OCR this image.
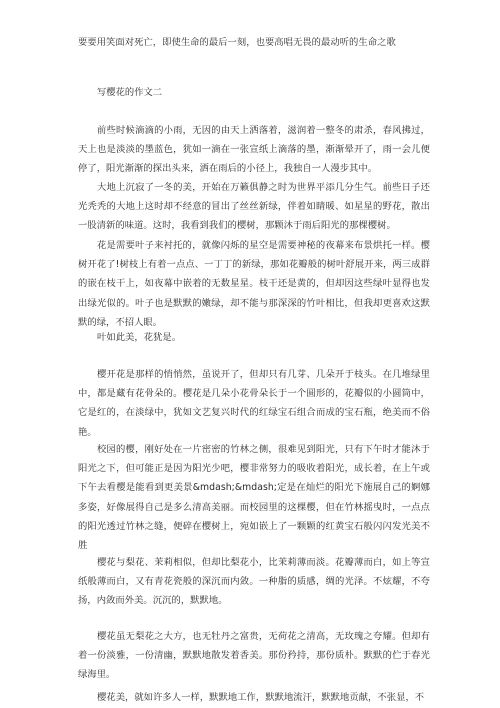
要要用笑面对死亡，即使生命的最后一刻，也要高唱无畏的最动听的生命之歌

写樱花的作文二

前些时候滴滴的小雨，无因的由天上洒落着，滋润着一整冬的肃杀，春风拂过，天上也是淡淡的墨蓝色，犹如一滴在一张宣纸上滴落的墨，渐渐晕开了，雨一会儿便停了，阳光渐渐的探出头来，洒在雨后的小径上，我独自一人漫步其中。

大地上沉寂了一冬的美，开始在万籁俱静之时为世界平添几分生气。前些日子还光秃秃的大地上这时却不经意的冒出了丝丝新绿，伴着如睛暖、如星星的野花，散出一股清新的味道。这时，我看到我们的樱树，那颗沐于雨后阳光的那棵樱树。

花是需要叶子来衬托的，就像闪烁的星空是需要神秘的夜幕来布景烘托一样。樱树开花了!树枝上有着一点点、一丁丁的新绿，那如花瓣般的树叶舒展开来，两三成群的嵌在枝干上，如夜幕中嵌着的无数星星。枝干还是黄的，但却因这些绿叶显得也发出绿光似的。叶子也是默默的嫩绿，却不能与那深深的竹叶相比，但我却更喜欢这默默的绿，不招人眼。

叶如此美，花犹是。

樱开花是那样的悄悄然，虽说开了，但却只有几芽、几朵开于枝头。在几堆绿里中，都是藏有花骨朵的。樱花是几朵小花骨朵长于一个圆形的，花瓣似的小圆筒中，它是红的，在淡绿中，犹如文艺复兴时代的红绿宝石组合而成的宝石瓶，绝美而不俗艳。

校园的樱，刚好处在一片密密的竹林之侧，很难见到阳光，只有下午时才能沐于阳光之下，但可能正是因为阳光少吧，樱非常努力的吸收着阳光，成长着，在上午或下午去看樱是能看到更美景&mdash;&mdash;定是在灿烂的阳光下施展自己的婀娜多姿，好像展得自己是多么清高美丽。而校园里的这棵樱，但在竹林摇曳时，一点点的阳光透过竹林之缝，便碎在樱树上，宛如嵌上了一颗颗的红黄宝石般闪闪发光美不胜

樱花与梨花、茉莉相似，但却比梨花小，比茉莉薄而淡。花瓣薄而白，如上等宣纸般薄而白，又有青花瓷般的深沉而内敛。一种脂的质感，绸的光泽。不炫耀，不夸扬，内敛而外美。沉沉的，默默地。

樱花虽无梨花之大方，也无牡丹之富贵，无荷花之清高，无玫瑰之夸耀。但却有着一份淡雅，一份清幽，默默地散发着香美。那份矜持，那份质朴。默默的伫于春光绿海里。

樱花美，就如许多人一样，默默地工作，默默地流汗，默默地贡献，不张显，不
